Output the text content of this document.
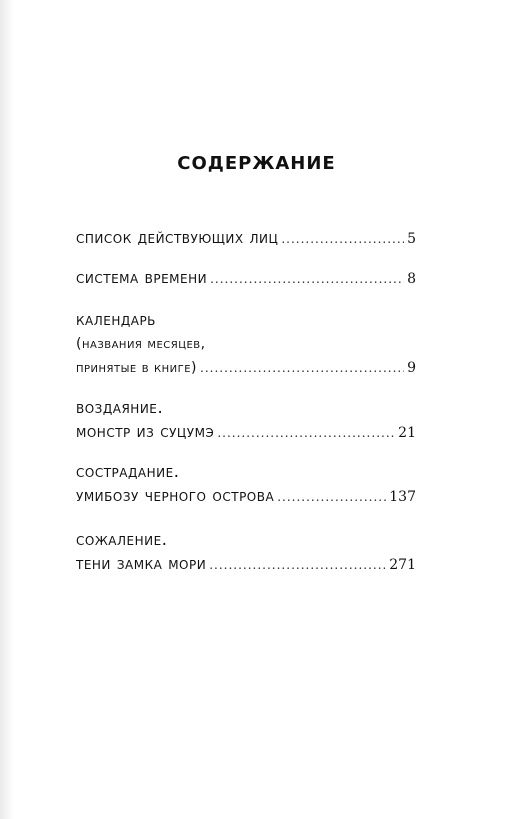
содержание
список действующих лиц .....	5
система времени .....	8
календарь
(названия месяцев,
принятые в книге) .....	9
воздаяние.
монстр из суцумэ .....	21
сострадание.
умибозу черного острова .....	137
сожаление.
тени замка мори .....	271
